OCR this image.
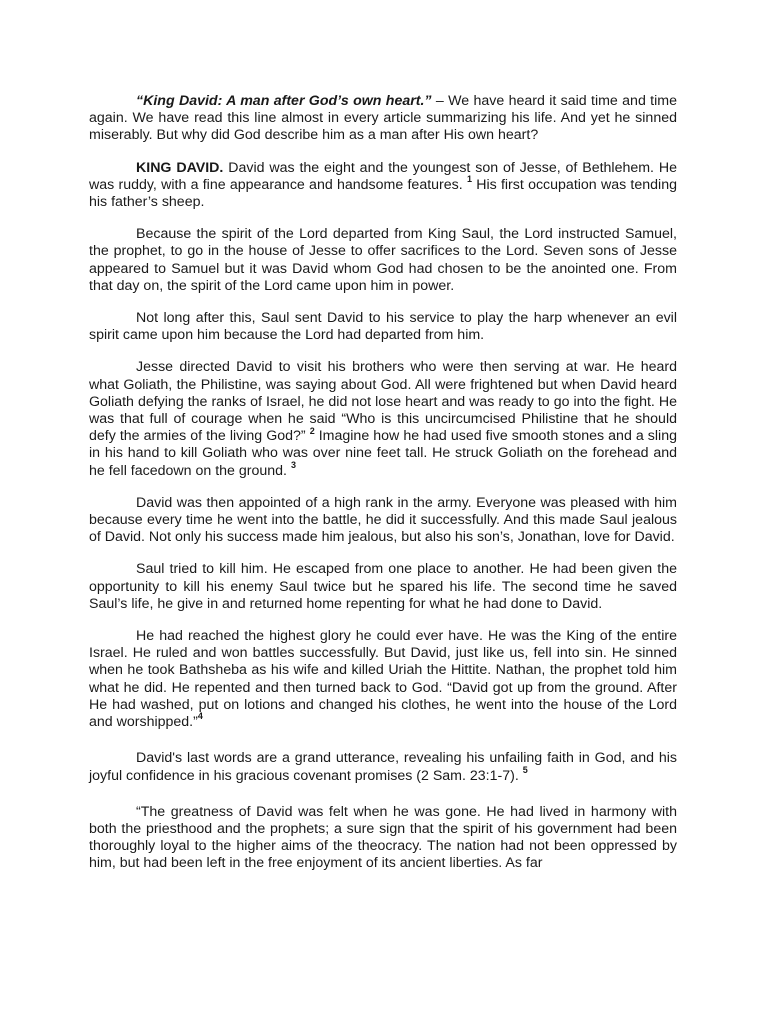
“King David: A man after God’s own heart.” – We have heard it said time and time again. We have read this line almost in every article summarizing his life. And yet he sinned miserably. But why did God describe him as a man after His own heart?

KING DAVID. David was the eight and the youngest son of Jesse, of Bethlehem. He was ruddy, with a fine appearance and handsome features. $^1$ His first occupation was tending his father’s sheep.

Because the spirit of the Lord departed from King Saul, the Lord instructed Samuel, the prophet, to go in the house of Jesse to offer sacrifices to the Lord. Seven sons of Jesse appeared to Samuel but it was David whom God had chosen to be the anointed one. From that day on, the spirit of the Lord came upon him in power.

Not long after this, Saul sent David to his service to play the harp whenever an evil spirit came upon him because the Lord had departed from him.

Jesse directed David to visit his brothers who were then serving at war. He heard what Goliath, the Philistine, was saying about God. All were frightened but when David heard Goliath defying the ranks of Israel, he did not lose heart and was ready to go into the fight. He was that full of courage when he said “Who is this uncircumcised Philistine that he should defy the armies of the living God?” $^2$ Imagine how he had used five smooth stones and a sling in his hand to kill Goliath who was over nine feet tall. He struck Goliath on the forehead and he fell facedown on the ground. $^3$

David was then appointed of a high rank in the army. Everyone was pleased with him because every time he went into the battle, he did it successfully. And this made Saul jealous of David. Not only his success made him jealous, but also his son’s, Jonathan, love for David.

Saul tried to kill him. He escaped from one place to another. He had been given the opportunity to kill his enemy Saul twice but he spared his life. The second time he saved Saul’s life, he give in and returned home repenting for what he had done to David.

He had reached the highest glory he could ever have. He was the King of the entire Israel. He ruled and won battles successfully. But David, just like us, fell into sin. He sinned when he took Bathsheba as his wife and killed Uriah the Hittite. Nathan, the prophet told him what he did. He repented and then turned back to God. “David got up from the ground. After He had washed, put on lotions and changed his clothes, he went into the house of the Lord and worshipped.”$^4$

David's last words are a grand utterance, revealing his unfailing faith in God, and his joyful confidence in his gracious covenant promises (2 Sam. 23:1-7). $^5$

“The greatness of David was felt when he was gone. He had lived in harmony with both the priesthood and the prophets; a sure sign that the spirit of his government had been thoroughly loyal to the higher aims of the theocracy. The nation had not been oppressed by him, but had been left in the free enjoyment of its ancient liberties. As far
